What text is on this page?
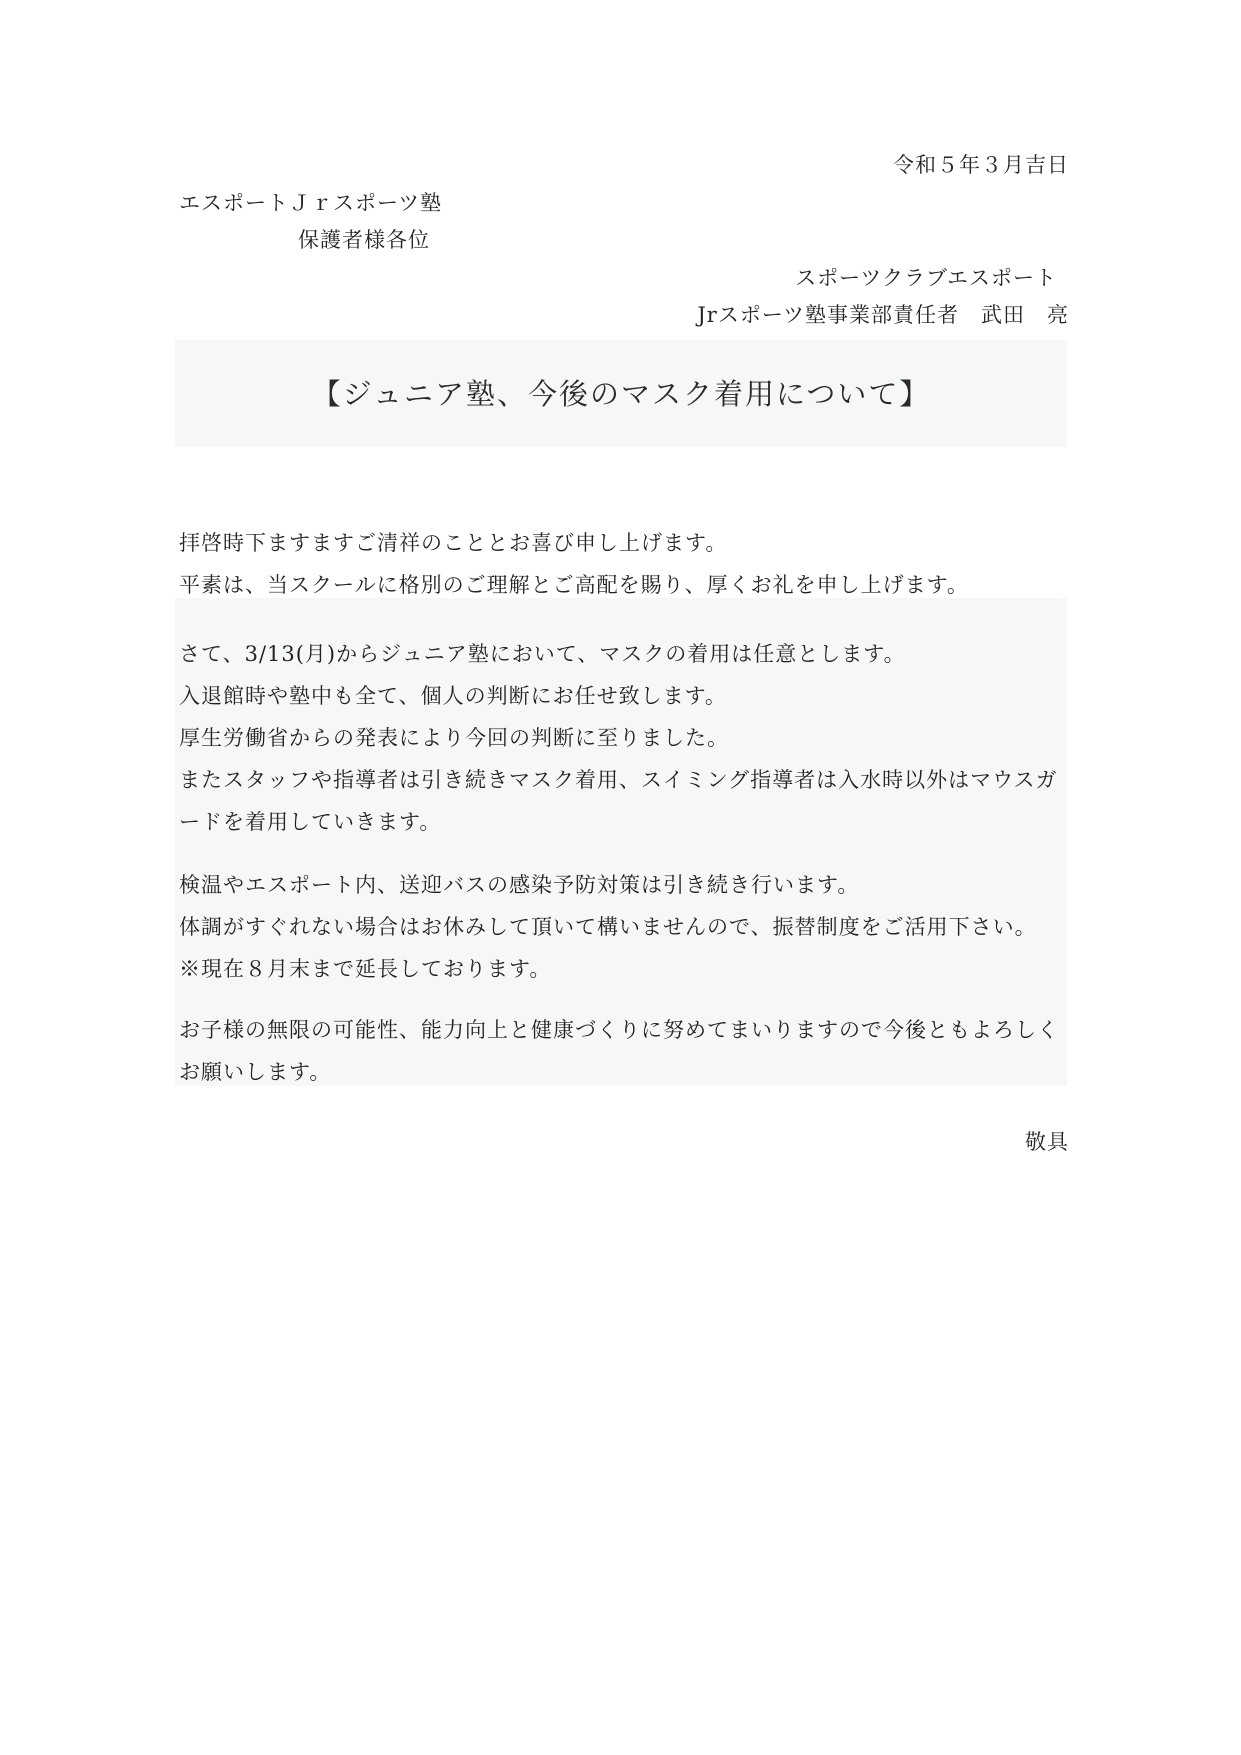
令和５年３月吉日
エスポートＪｒスポーツ塾
保護者様各位
スポーツクラブエスポート
Jrスポーツ塾事業部責任者　武田　亮
【ジュニア塾、今後のマスク着用について】

拝啓時下ますますご清祥のこととお喜び申し上げます。

平素は、当スクールに格別のご理解とご高配を賜り、厚くお礼を申し上げます。

さて、3/13(月)からジュニア塾において、マスクの着用は任意とします。

入退館時や塾中も全て、個人の判断にお任せ致します。

厚生労働省からの発表により今回の判断に至りました。

またスタッフや指導者は引き続きマスク着用、スイミング指導者は入水時以外はマウスガ

ードを着用していきます。

検温やエスポート内、送迎バスの感染予防対策は引き続き行います。

体調がすぐれない場合はお休みして頂いて構いませんので、振替制度をご活用下さい。

※現在８月末まで延長しております。

お子様の無限の可能性、能力向上と健康づくりに努めてまいりますので今後ともよろしく

お願いします。

敬具
